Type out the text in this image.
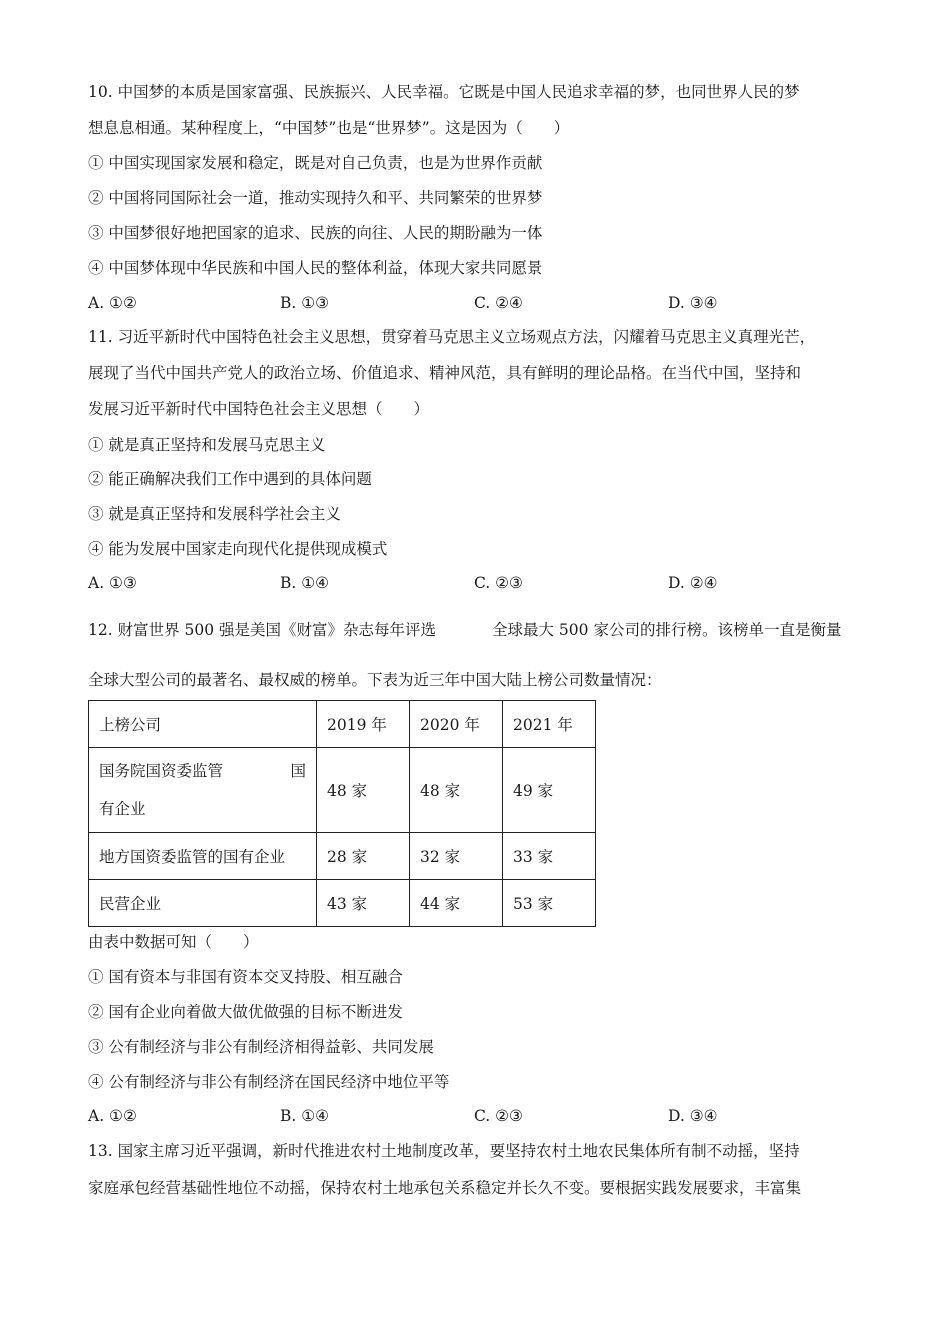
10. 中国梦的本质是国家富强、民族振兴、人民幸福。它既是中国人民追求幸福的梦，也同世界人民的梦
想息息相通。某种程度上，“中国梦”也是“世界梦”。这是因为（　　）
① 中国实现国家发展和稳定，既是对自己负责，也是为世界作贡献
② 中国将同国际社会一道，推动实现持久和平、共同繁荣的世界梦
③ 中国梦很好地把国家的追求、民族的向往、人民的期盼融为一体
④ 中国梦体现中华民族和中国人民的整体利益，体现大家共同愿景
A. ①②	B. ①③	C. ②④	D. ③④
11. 习近平新时代中国特色社会主义思想，贯穿着马克思主义立场观点方法，闪耀着马克思主义真理光芒，
展现了当代中国共产党人的政治立场、价值追求、精神风范，具有鲜明的理论品格。在当代中国，坚持和
发展习近平新时代中国特色社会主义思想（　　）
① 就是真正坚持和发展马克思主义
② 能正确解决我们工作中遇到的具体问题
③ 就是真正坚持和发展科学社会主义
④ 能为发展中国家走向现代化提供现成模式
A. ①③	B. ①④	C. ②③	D. ②④
12. 财富世界 500 强是美国《财富》杂志每年评选	全球最大 500 家公司的排行榜。该榜单一直是衡量
全球大型公司的最著名、最权威的榜单。下表为近三年中国大陆上榜公司数量情况：
上榜公司	2019 年	2020 年	2021 年

国务院国资委监管 国
有企业	48 家	48 家	49 家
地方国资委监管的国有企业	28 家	32 家	33 家
民营企业	43 家	44 家	53 家
由表中数据可知（　　）
① 国有资本与非国有资本交叉持股、相互融合
② 国有企业向着做大做优做强的目标不断进发
③ 公有制经济与非公有制经济相得益彰、共同发展
④ 公有制经济与非公有制经济在国民经济中地位平等
A. ①②	B. ①④	C. ②③	D. ③④
13. 国家主席习近平强调，新时代推进农村土地制度改革，要坚持农村土地农民集体所有制不动摇，坚持
家庭承包经营基础性地位不动摇，保持农村土地承包关系稳定并长久不变。要根据实践发展要求，丰富集
